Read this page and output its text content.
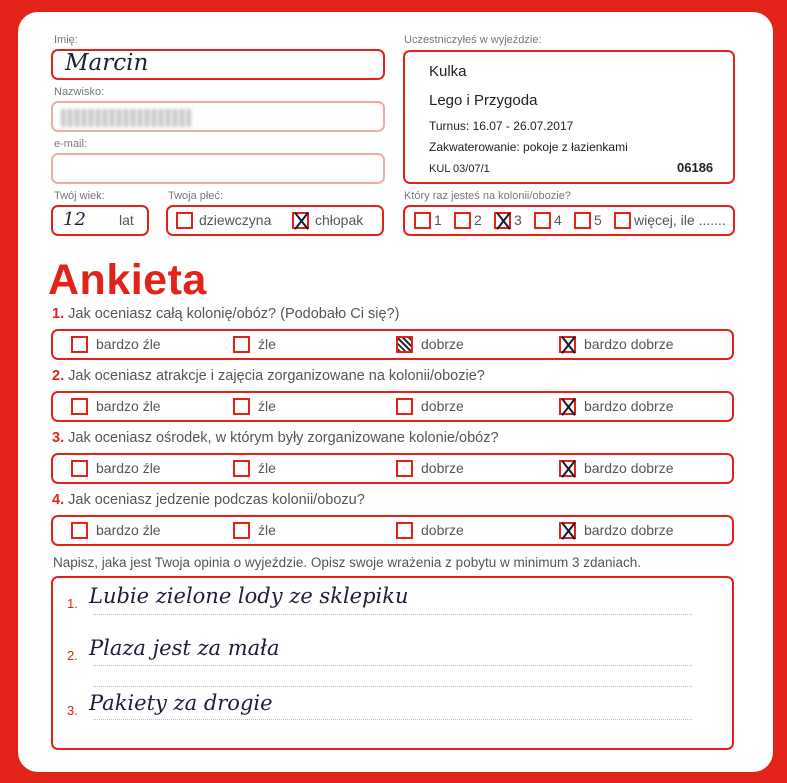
Imię:
Marcin
Nazwisko:
e-mail:
Twój wiek:
12 lat
Twoja płeć:
dziewczyna	chłopak
Uczestniczyłeś w wyjeździe:
Kulka
Lego i Przygoda
Turnus: 16.07 - 26.07.2017
Zakwaterowanie: pokoje z łazienkami
KUL 03/07/1	06186
Który raz jesteś na kolonii/obozie?
1 2 3 4 5 więcej, ile .......
Ankieta
1. Jak oceniasz całą kolonię/obóz? (Podobało Ci się?)
bardzo źle	źle	dobrze	bardzo dobrze
2. Jak oceniasz atrakcje i zajęcia zorganizowane na kolonii/obozie?
bardzo źle	źle	dobrze	bardzo dobrze
3. Jak oceniasz ośrodek, w którym były zorganizowane kolonie/obóz?
bardzo źle	źle	dobrze	bardzo dobrze
4. Jak oceniasz jedzenie podczas kolonii/obozu?
bardzo źle	źle	dobrze	bardzo dobrze
Napisz, jaka jest Twoja opinia o wyjeździe. Opisz swoje wrażenia z pobytu w minimum 3 zdaniach.
1. Lubie zielone lody ze sklepiku
2. Plaza jest za mała
3. Pakiety za drogie
